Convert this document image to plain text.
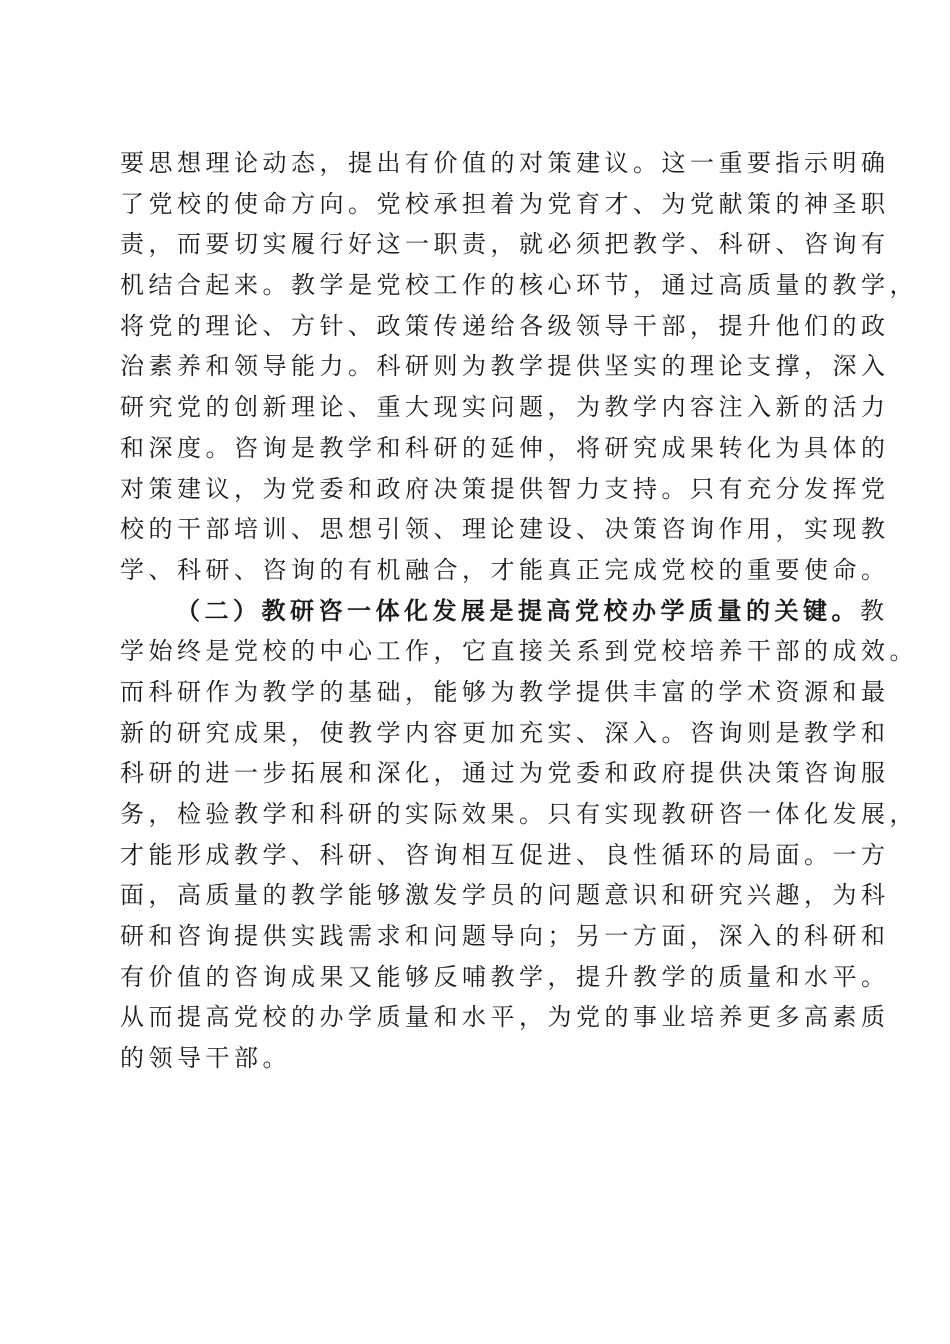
要思想理论动态，提出有价值的对策建议。这一重要指示明确
了党校的使命方向。党校承担着为党育才、为党献策的神圣职
责，而要切实履行好这一职责，就必须把教学、科研、咨询有
机结合起来。教学是党校工作的核心环节，通过高质量的教学，
将党的理论、方针、政策传递给各级领导干部，提升他们的政
治素养和领导能力。科研则为教学提供坚实的理论支撑，深入
研究党的创新理论、重大现实问题，为教学内容注入新的活力
和深度。咨询是教学和科研的延伸，将研究成果转化为具体的
对策建议，为党委和政府决策提供智力支持。只有充分发挥党
校的干部培训、思想引领、理论建设、决策咨询作用，实现教
学、科研、咨询的有机融合，才能真正完成党校的重要使命。
（二）教研咨一体化发展是提高党校办学质量的关键。教
学始终是党校的中心工作，它直接关系到党校培养干部的成效。
而科研作为教学的基础，能够为教学提供丰富的学术资源和最
新的研究成果，使教学内容更加充实、深入。咨询则是教学和
科研的进一步拓展和深化，通过为党委和政府提供决策咨询服
务，检验教学和科研的实际效果。只有实现教研咨一体化发展，
才能形成教学、科研、咨询相互促进、良性循环的局面。一方
面，高质量的教学能够激发学员的问题意识和研究兴趣，为科
研和咨询提供实践需求和问题导向；另一方面，深入的科研和
有价值的咨询成果又能够反哺教学，提升教学的质量和水平。
从而提高党校的办学质量和水平，为党的事业培养更多高素质
的领导干部。
